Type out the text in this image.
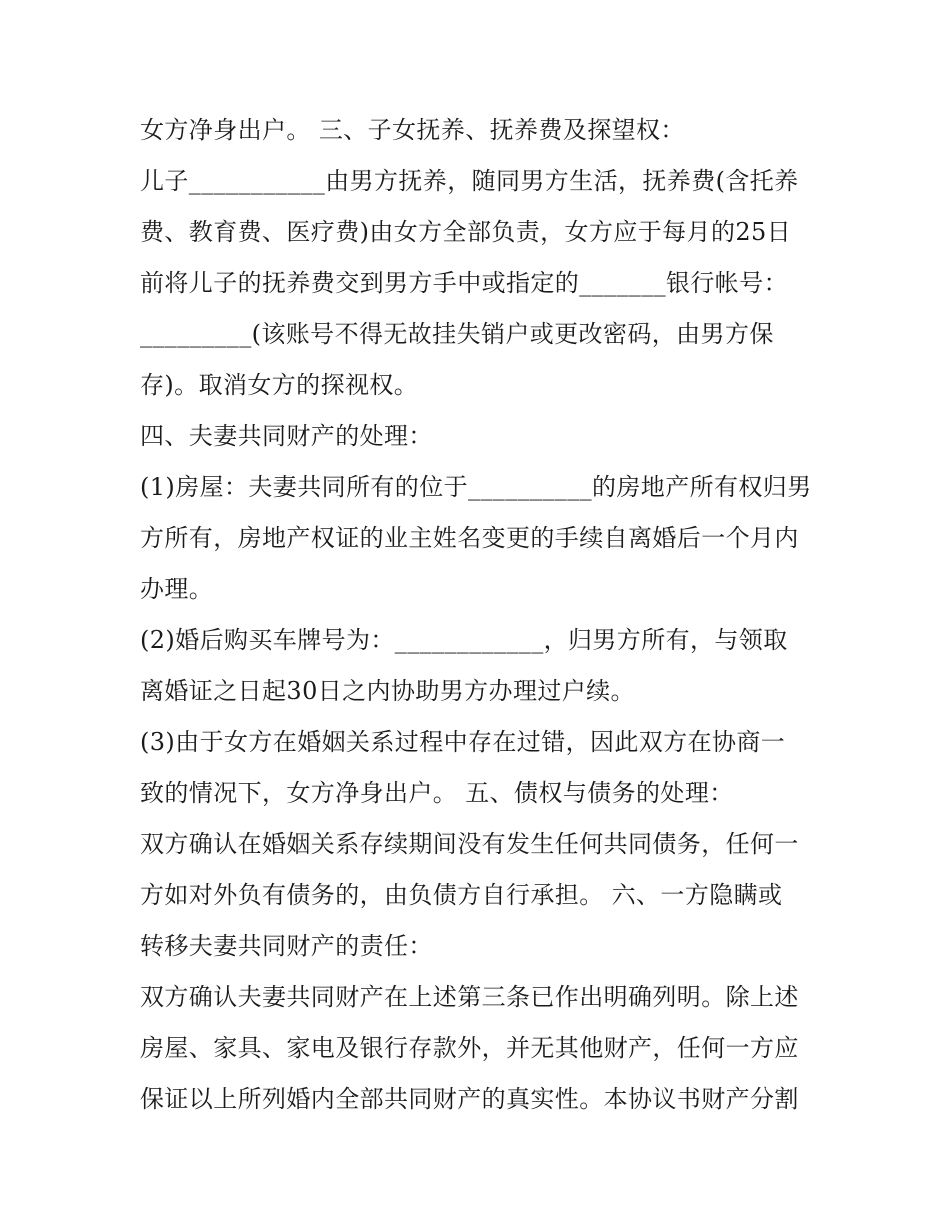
女方净身出户。 三、子女抚养、抚养费及探望权：
儿子___________由男方抚养，随同男方生活，抚养费(含托养
费、教育费、医疗费)由女方全部负责，女方应于每月的25日
前将儿子的抚养费交到男方手中或指定的_______银行帐号：
_________(该账号不得无故挂失销户或更改密码，由男方保
存)。取消女方的探视权。
四、夫妻共同财产的处理：
(1)房屋：夫妻共同所有的位于__________的房地产所有权归男
方所有，房地产权证的业主姓名变更的手续自离婚后一个月内
办理。
(2)婚后购买车牌号为：____________，归男方所有，与领取
离婚证之日起30日之内协助男方办理过户续。
(3)由于女方在婚姻关系过程中存在过错，因此双方在协商一
致的情况下，女方净身出户。 五、债权与债务的处理：
双方确认在婚姻关系存续期间没有发生任何共同债务，任何一
方如对外负有债务的，由负债方自行承担。 六、一方隐瞒或
转移夫妻共同财产的责任：
双方确认夫妻共同财产在上述第三条已作出明确列明。除上述
房屋、家具、家电及银行存款外，并无其他财产，任何一方应
保证以上所列婚内全部共同财产的真实性。本协议书财产分割
